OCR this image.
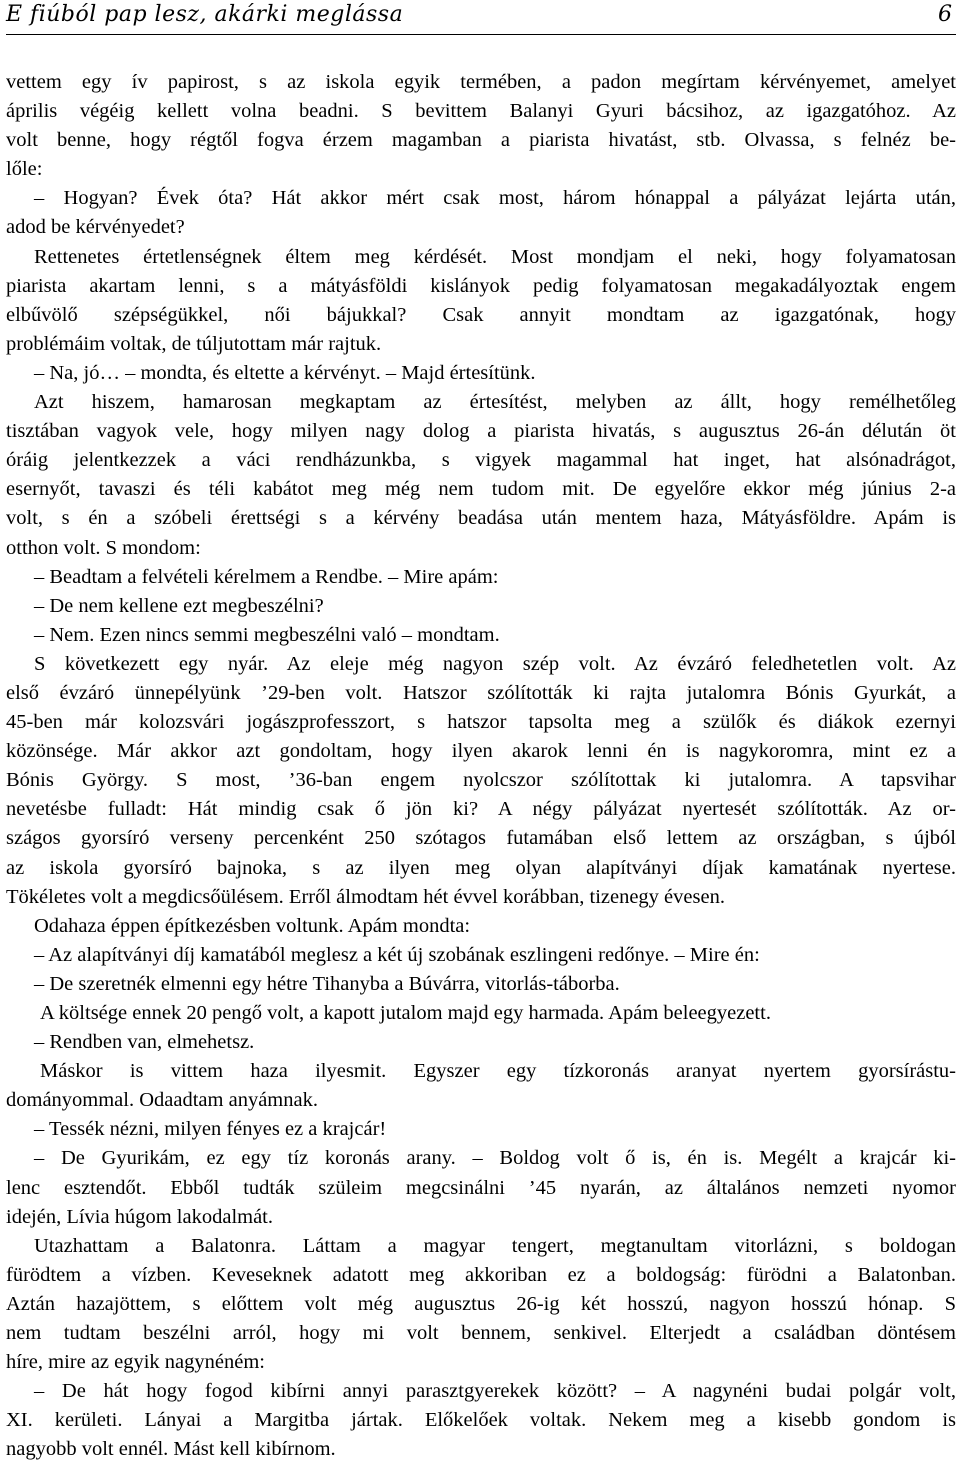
E fiúból pap lesz, akárki meglássa	6
vettem egy ív papirost, s az iskola egyik termében, a padon megírtam kérvényemet, amelyet
április végéig kellett volna beadni. S bevittem Balanyi Gyuri bácsihoz, az igazgatóhoz. Az
volt benne, hogy régtől fogva érzem magamban a piarista hivatást, stb. Olvassa, s felnéz be-
lőle:
– Hogyan? Évek óta? Hát akkor mért csak most, három hónappal a pályázat lejárta után,
adod be kérvényedet?
Rettenetes értetlenségnek éltem meg kérdését. Most mondjam el neki, hogy folyamatosan
piarista akartam lenni, s a mátyásföldi kislányok pedig folyamatosan megakadályoztak engem
elbűvölő szépségükkel, női bájukkal? Csak annyit mondtam az igazgatónak, hogy
problémáim voltak, de túljutottam már rajtuk.
– Na, jó… – mondta, és eltette a kérvényt. – Majd értesítünk.
Azt hiszem, hamarosan megkaptam az értesítést, melyben az állt, hogy remélhetőleg
tisztában vagyok vele, hogy milyen nagy dolog a piarista hivatás, s augusztus 26-án délután öt
óráig jelentkezzek a váci rendházunkba, s vigyek magammal hat inget, hat alsónadrágot,
esernyőt, tavaszi és téli kabátot meg még nem tudom mit. De egyelőre ekkor még június 2-a
volt, s én a szóbeli érettségi s a kérvény beadása után mentem haza, Mátyásföldre. Apám is
otthon volt. S mondom:
– Beadtam a felvételi kérelmem a Rendbe. – Mire apám:
– De nem kellene ezt megbeszélni?
– Nem. Ezen nincs semmi megbeszélni való – mondtam.
S következett egy nyár. Az eleje még nagyon szép volt. Az évzáró feledhetetlen volt. Az
első évzáró ünnepélyünk ’29-ben volt. Hatszor szólították ki rajta jutalomra Bónis Gyurkát, a
45-ben már kolozsvári jogászprofesszort, s hatszor tapsolta meg a szülők és diákok ezernyi
közönsége. Már akkor azt gondoltam, hogy ilyen akarok lenni én is nagykoromra, mint ez a
Bónis György. S most, ’36-ban engem nyolcszor szólítottak ki jutalomra. A tapsvihar
nevetésbe fulladt: Hát mindig csak ő jön ki? A négy pályázat nyertesét szólították. Az or-
szágos gyorsíró verseny percenként 250 szótagos futamában első lettem az országban, s újból
az iskola gyorsíró bajnoka, s az ilyen meg olyan alapítványi díjak kamatának nyertese.
Tökéletes volt a megdicsőülésem. Erről álmodtam hét évvel korábban, tizenegy évesen.
Odahaza éppen építkezésben voltunk. Apám mondta:
– Az alapítványi díj kamatából meglesz a két új szobának eszlingeni redőnye. – Mire én:
– De szeretnék elmenni egy hétre Tihanyba a Búvárra, vitorlás-táborba.
A költsége ennek 20 pengő volt, a kapott jutalom majd egy harmada. Apám beleegyezett.
– Rendben van, elmehetsz.
Máskor is vittem haza ilyesmit. Egyszer egy tízkoronás aranyat nyertem gyorsírástu-
dományommal. Odaadtam anyámnak.
– Tessék nézni, milyen fényes ez a krajcár!
– De Gyurikám, ez egy tíz koronás arany. – Boldog volt ő is, én is. Megélt a krajcár ki-
lenc esztendőt. Ebből tudták szüleim megcsinálni ’45 nyarán, az általános nemzeti nyomor
idején, Lívia húgom lakodalmát.
Utazhattam a Balatonra. Láttam a magyar tengert, megtanultam vitorlázni, s boldogan
fürödtem a vízben. Keveseknek adatott meg akkoriban ez a boldogság: fürödni a Balatonban.
Aztán hazajöttem, s előttem volt még augusztus 26-ig két hosszú, nagyon hosszú hónap. S
nem tudtam beszélni arról, hogy mi volt bennem, senkivel. Elterjedt a családban döntésem
híre, mire az egyik nagynéném:
– De hát hogy fogod kibírni annyi parasztgyerekek között? – A nagynéni budai polgár volt,
XI. kerületi. Lányai a Margitba jártak. Előkelőek voltak. Nekem meg a kisebb gondom is
nagyobb volt ennél. Mást kell kibírnom.
